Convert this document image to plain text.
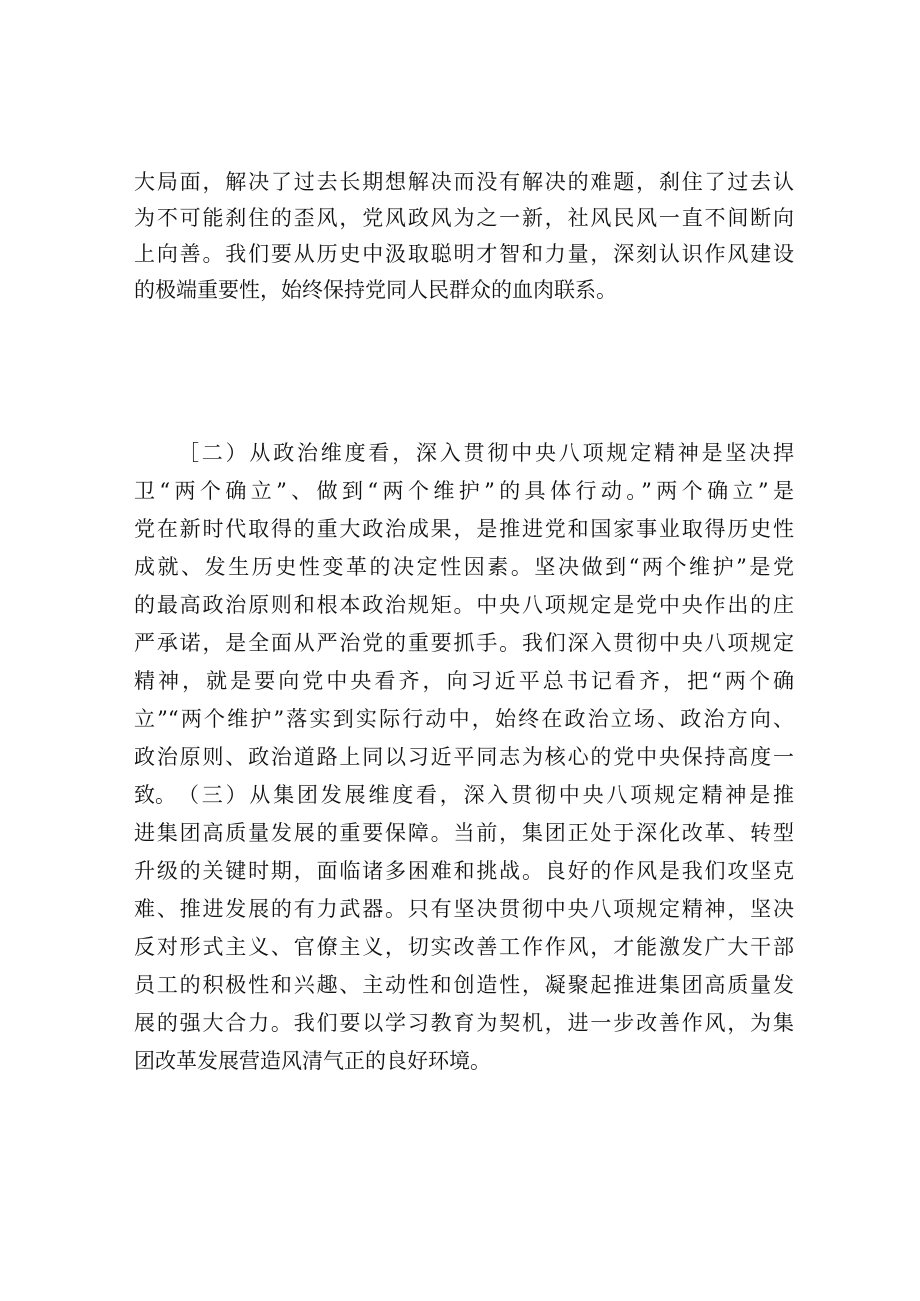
大局面，解决了过去长期想解决而没有解决的难题，刹住了过去认
为不可能刹住的歪风，党风政风为之一新，社风民风一直不间断向
上向善。我们要从历史中汲取聪明才智和力量，深刻认识作风建设
的极端重要性，始终保持党同人民群众的血肉联系。
［二）从政治维度看，深入贯彻中央八项规定精神是坚决捍
卫“两个确立”、做到“两个维护”的具体行动。”两个确立”是
党在新时代取得的重大政治成果，是推进党和国家事业取得历史性
成就、发生历史性变革的决定性因素。坚决做到“两个维护”是党
的最高政治原则和根本政治规矩。中央八项规定是党中央作出的庄
严承诺，是全面从严治党的重要抓手。我们深入贯彻中央八项规定
精神，就是要向党中央看齐，向习近平总书记看齐，把“两个确
立”“两个维护”落实到实际行动中，始终在政治立场、政治方向、
政治原则、政治道路上同以习近平同志为核心的党中央保持高度一
致。 （三）从集团发展维度看，深入贯彻中央八项规定精神是推
进集团高质量发展的重要保障。当前，集团正处于深化改革、转型
升级的关键时期，面临诸多困难和挑战。良好的作风是我们攻坚克
难、推进发展的有力武器。只有坚决贯彻中央八项规定精神，坚决
反对形式主义、官僚主义，切实改善工作作风，才能激发广大干部
员工的积极性和兴趣、主动性和创造性，凝聚起推进集团高质量发
展的强大合力。我们要以学习教育为契机，进一步改善作风，为集
团改革发展营造风清气正的良好环境。
